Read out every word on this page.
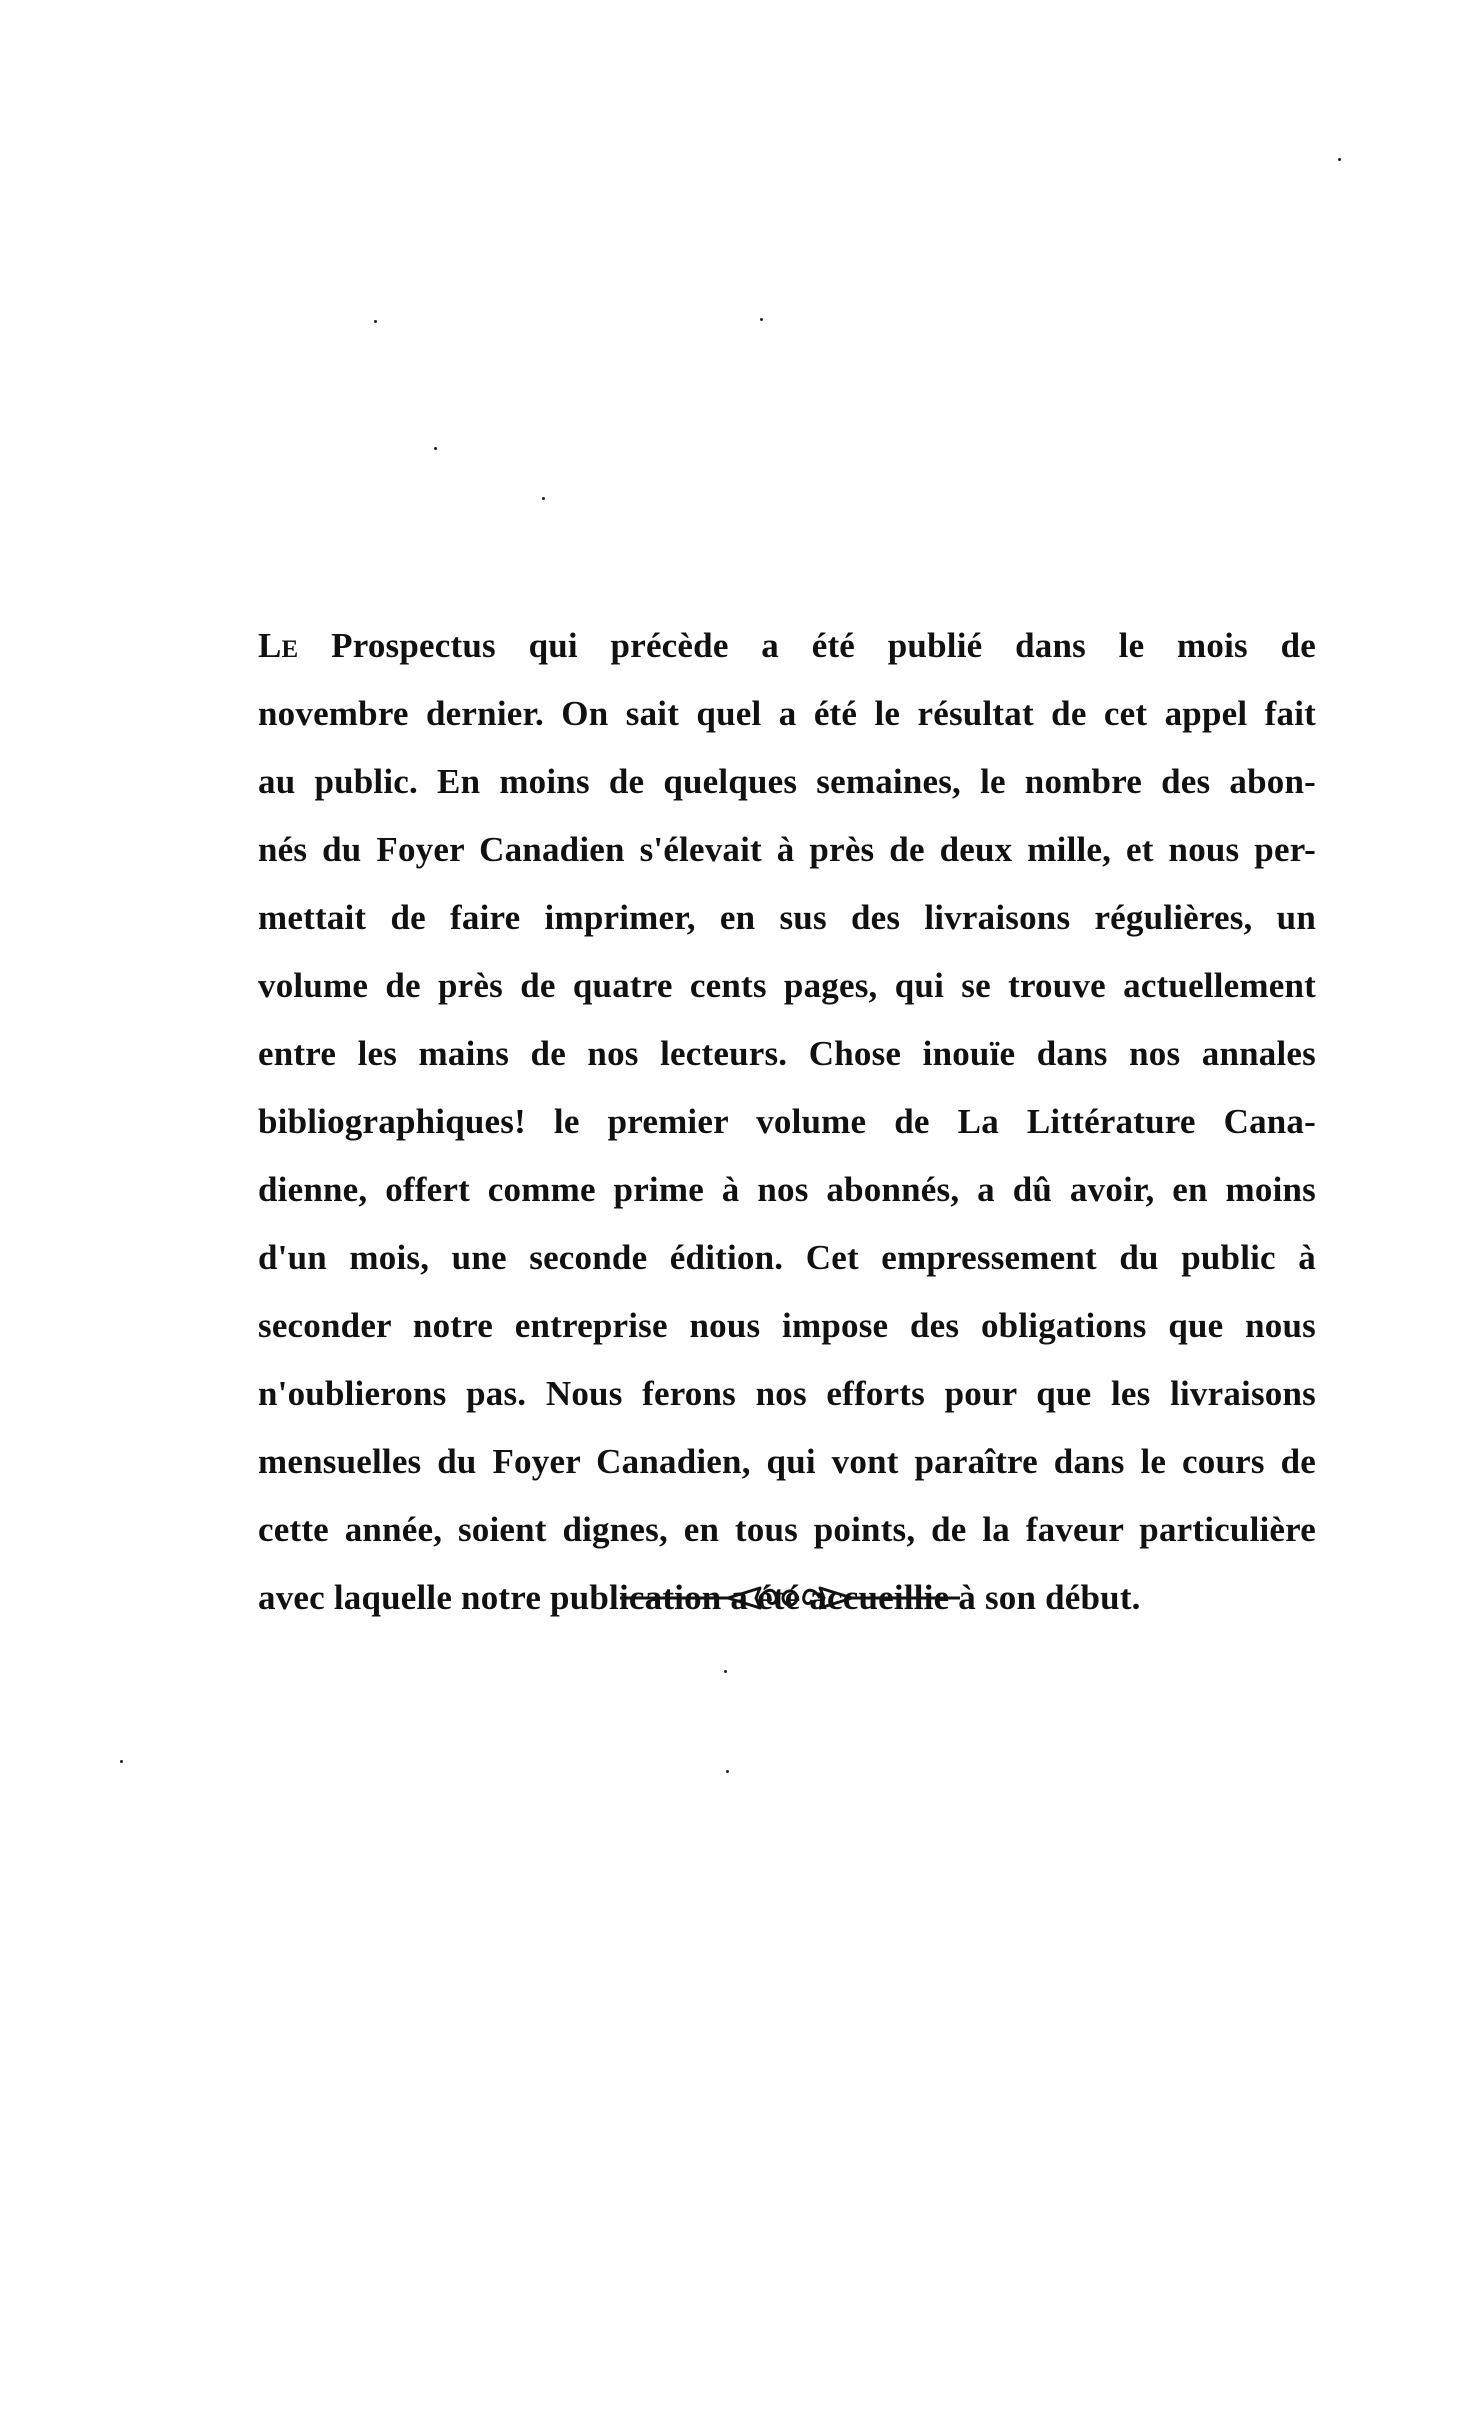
Le Prospectus qui précède a été publié dans le mois de
novembre dernier. On sait quel a été le résultat de cet appel fait
au public. En moins de quelques semaines, le nombre des abon-
nés du Foyer Canadien s'élevait à près de deux mille, et nous per-
mettait de faire imprimer, en sus des livraisons régulières, un
volume de près de quatre cents pages, qui se trouve actuellement
entre les mains de nos lecteurs. Chose inouïe dans nos annales
bibliographiques! le premier volume de La Littérature Cana-
dienne, offert comme prime à nos abonnés, a dû avoir, en moins
d'un mois, une seconde édition. Cet empressement du public à
seconder notre entreprise nous impose des obligations que nous
n'oublierons pas. Nous ferons nos efforts pour que les livraisons
mensuelles du Foyer Canadien, qui vont paraître dans le cours de
cette année, soient dignes, en tous points, de la faveur particulière
avec laquelle notre publication a été accueillie à son début.
